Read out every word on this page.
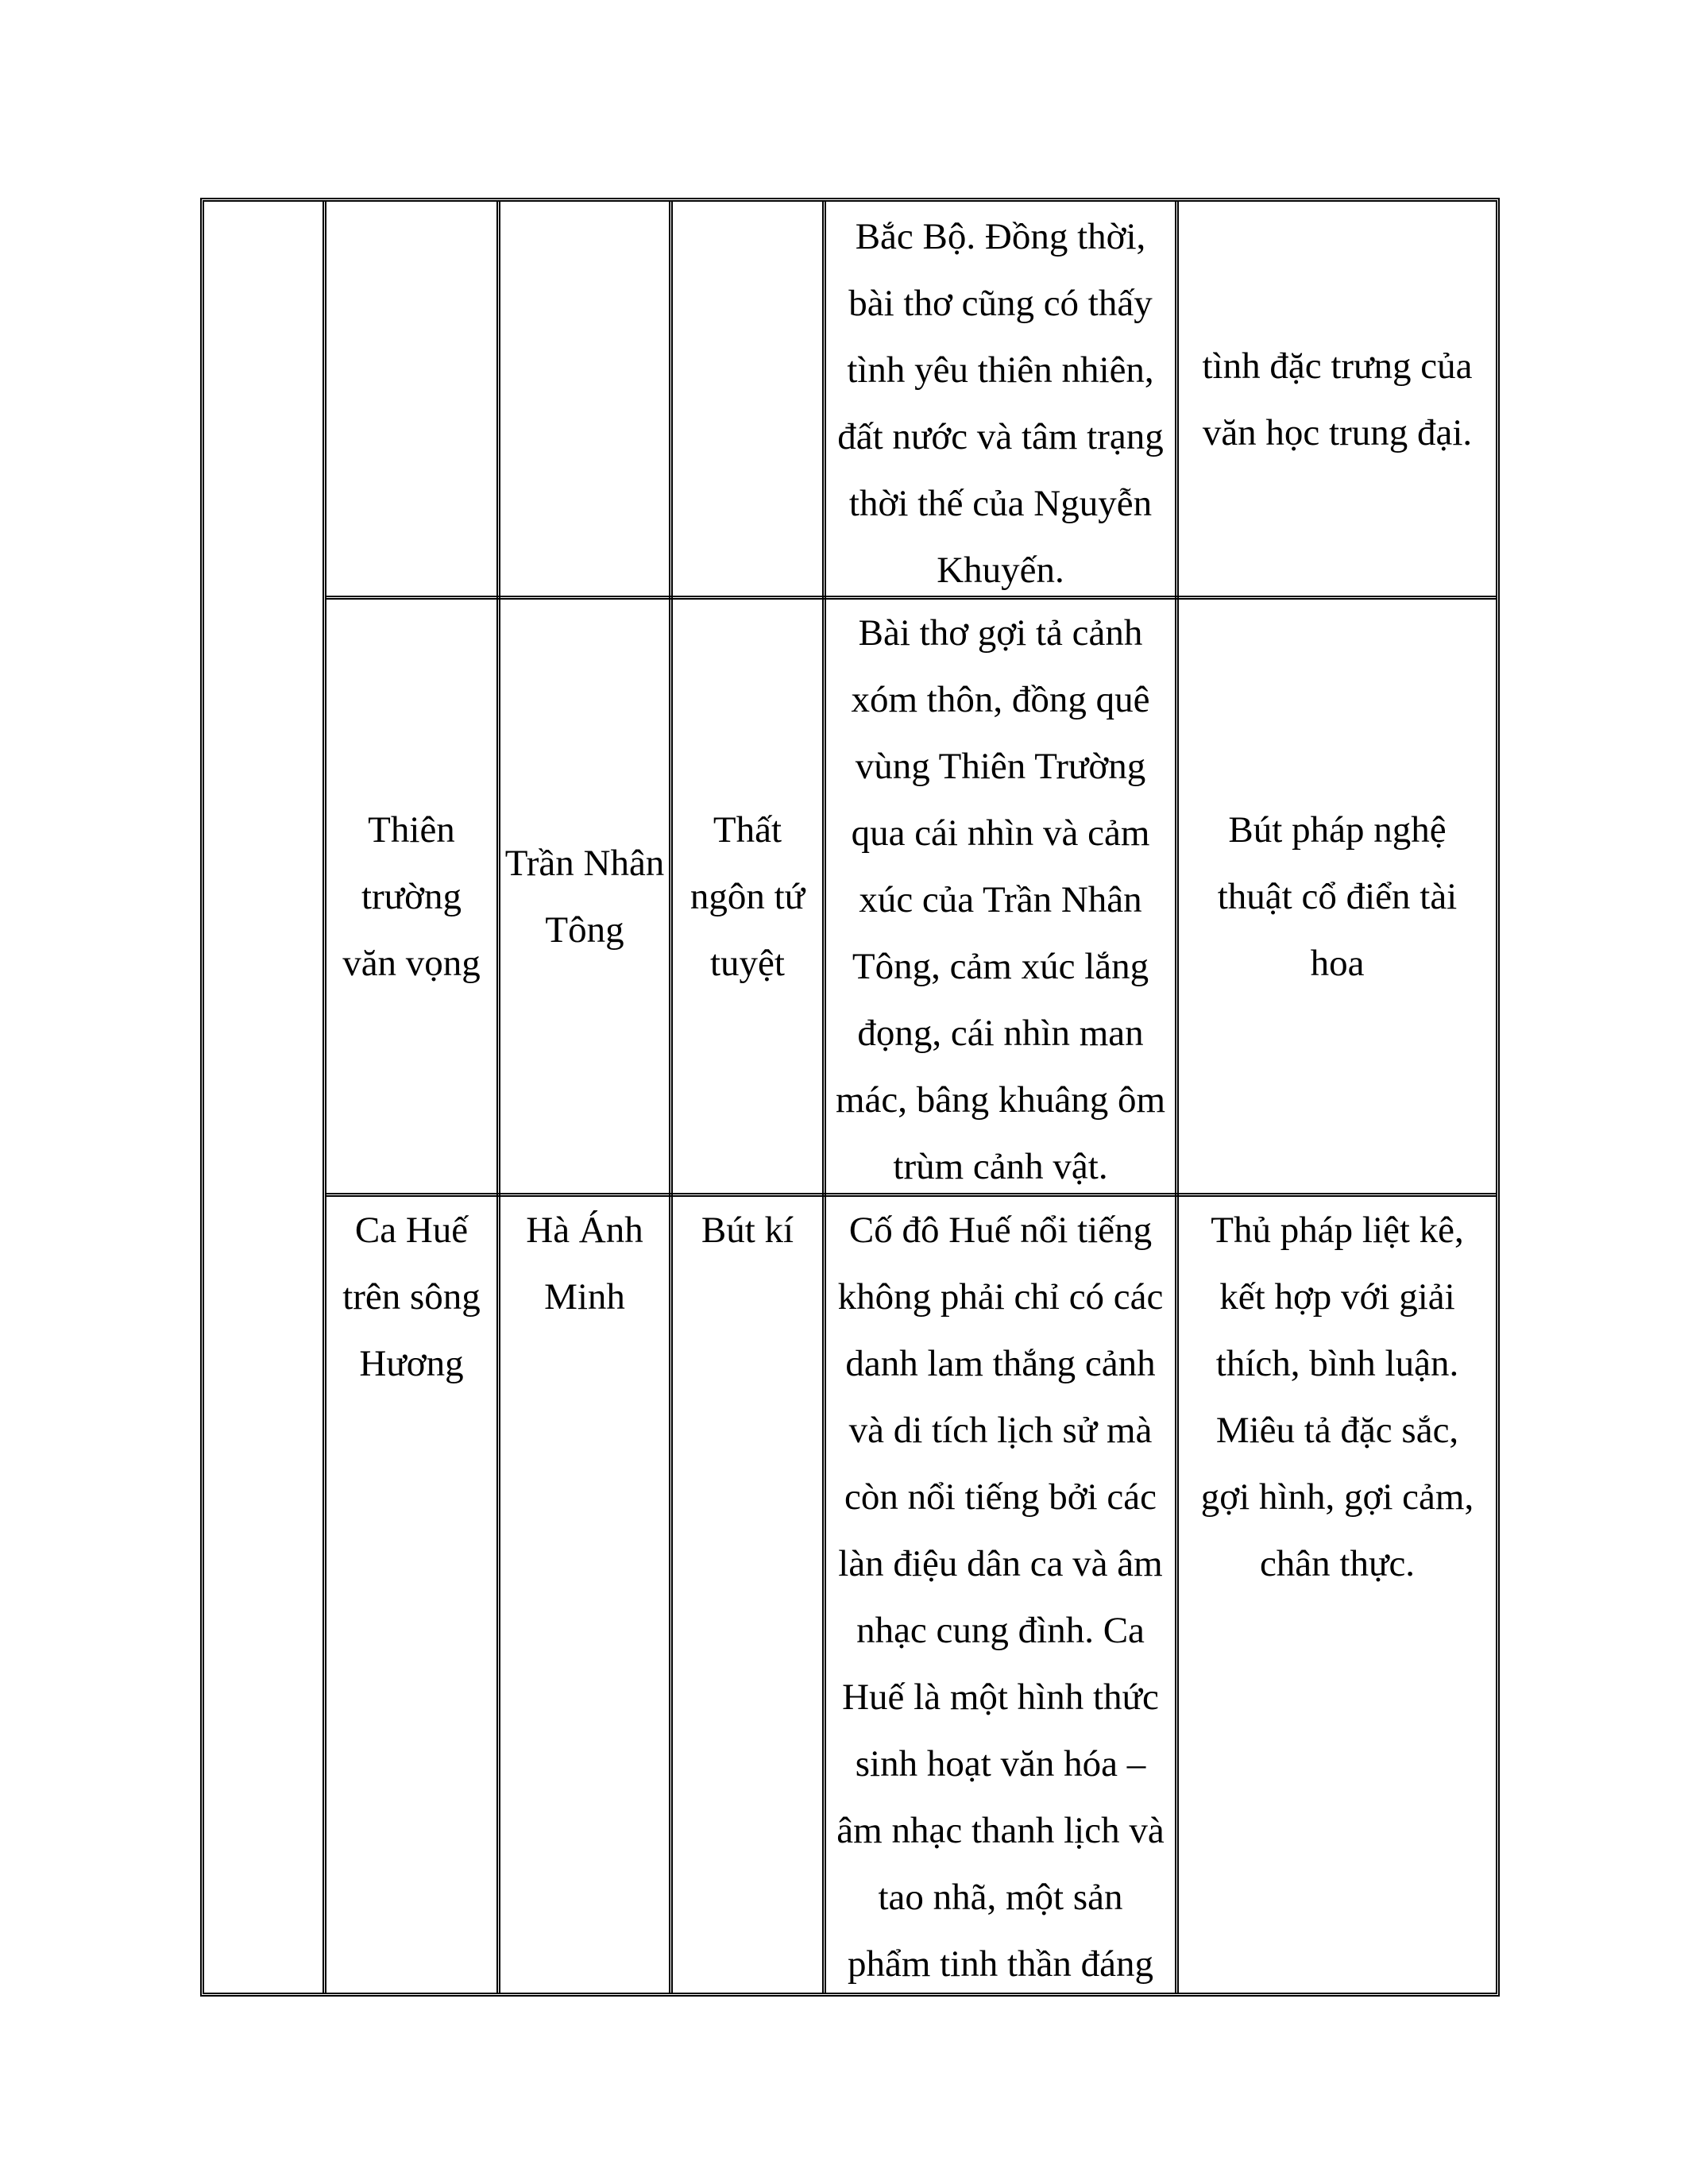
Bắc Bộ. Đồng thời,
bài thơ cũng có thấy
tình yêu thiên nhiên,
đất nước và tâm trạng
thời thế của Nguyễn
Khuyến.
tình đặc trưng của
văn học trung đại.
Thiên
trường
văn vọng
Trần Nhân
Tông
Thất
ngôn tứ
tuyệt
Bài thơ gợi tả cảnh
xóm thôn, đồng quê
vùng Thiên Trường
qua cái nhìn và cảm
xúc của Trần Nhân
Tông, cảm xúc lắng
đọng, cái nhìn man
mác, bâng khuâng ôm
trùm cảnh vật.
Bút pháp nghệ
thuật cổ điển tài
hoa
Ca Huế
trên sông
Hương
Hà Ánh
Minh
Bút kí	Cố đô Huế nổi tiếng
không phải chỉ có các
danh lam thắng cảnh
và di tích lịch sử mà
còn nổi tiếng bởi các
làn điệu dân ca và âm
nhạc cung đình. Ca
Huế là một hình thức
sinh hoạt văn hóa –
âm nhạc thanh lịch và
tao nhã, một sản
phẩm tinh thần đáng
Thủ pháp liệt kê,
kết hợp với giải
thích, bình luận.
Miêu tả đặc sắc,
gợi hình, gợi cảm,
chân thực.
